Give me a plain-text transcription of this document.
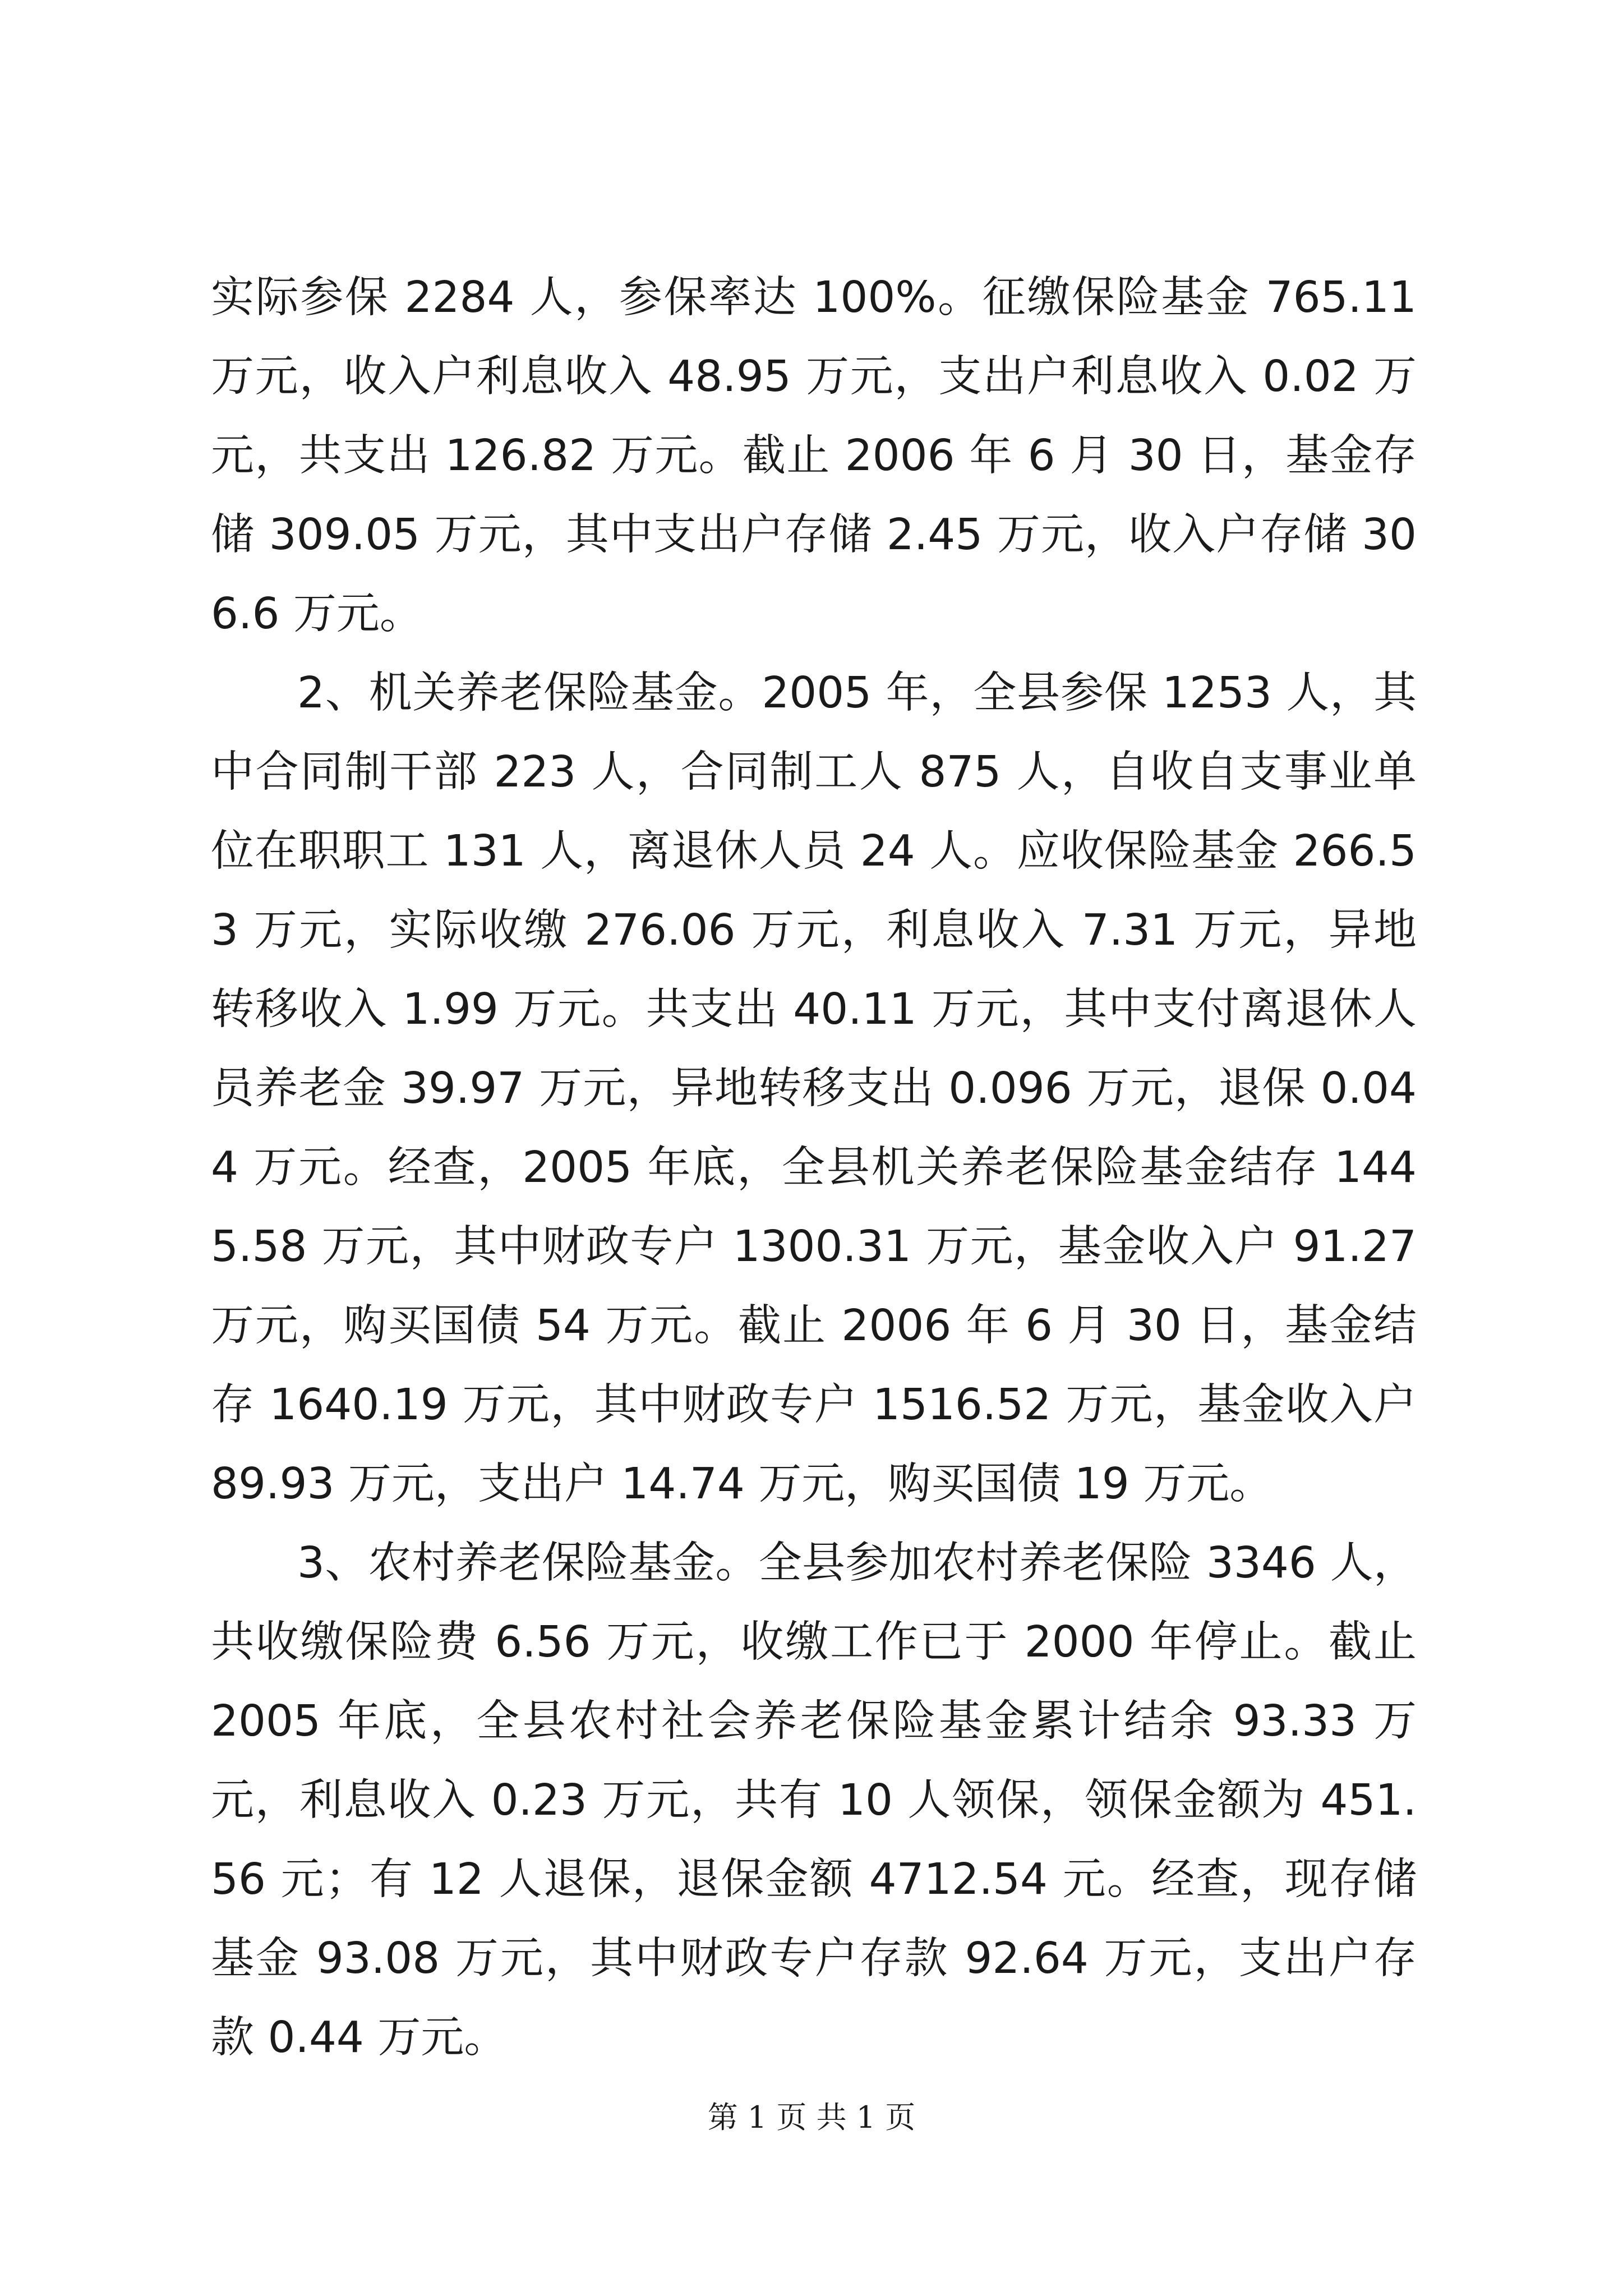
实际参保 2284 人，参保率达 100%。征缴保险基金 765.11 万元，收入户利息收入 48.95 万元，支出户利息收入 0.02 万元，共支出 126.82 万元。截止 2006 年 6 月 30 日，基金存储 309.05 万元，其中支出户存储 2.45 万元，收入户存储 306.6 万元。

2、机关养老保险基金。2005 年，全县参保 1253 人，其中合同制干部 223 人，合同制工人 875 人，自收自支事业单位在职职工 131 人，离退休人员 24 人。应收保险基金 266.53 万元，实际收缴 276.06 万元，利息收入 7.31 万元，异地转移收入 1.99 万元。共支出 40.11 万元，其中支付离退休人员养老金 39.97 万元，异地转移支出 0.096 万元，退保 0.044 万元。经查，2005 年底，全县机关养老保险基金结存 1445.58 万元，其中财政专户 1300.31 万元，基金收入户 91.27 万元，购买国债 54 万元。截止 2006 年 6 月 30 日，基金结存 1640.19 万元，其中财政专户 1516.52 万元，基金收入户 89.93 万元，支出户 14.74 万元，购买国债 19 万元。

3、农村养老保险基金。全县参加农村养老保险 3346 人，共收缴保险费 6.56 万元，收缴工作已于 2000 年停止。截止 2005 年底，全县农村社会养老保险基金累计结余 93.33 万元，利息收入 0.23 万元，共有 10 人领保，领保金额为 451.56 元；有 12 人退保，退保金额 4712.54 元。经查，现存储基金 93.08 万元，其中财政专户存款 92.64 万元，支出户存款 0.44 万元。

第 1 页 共 1 页
